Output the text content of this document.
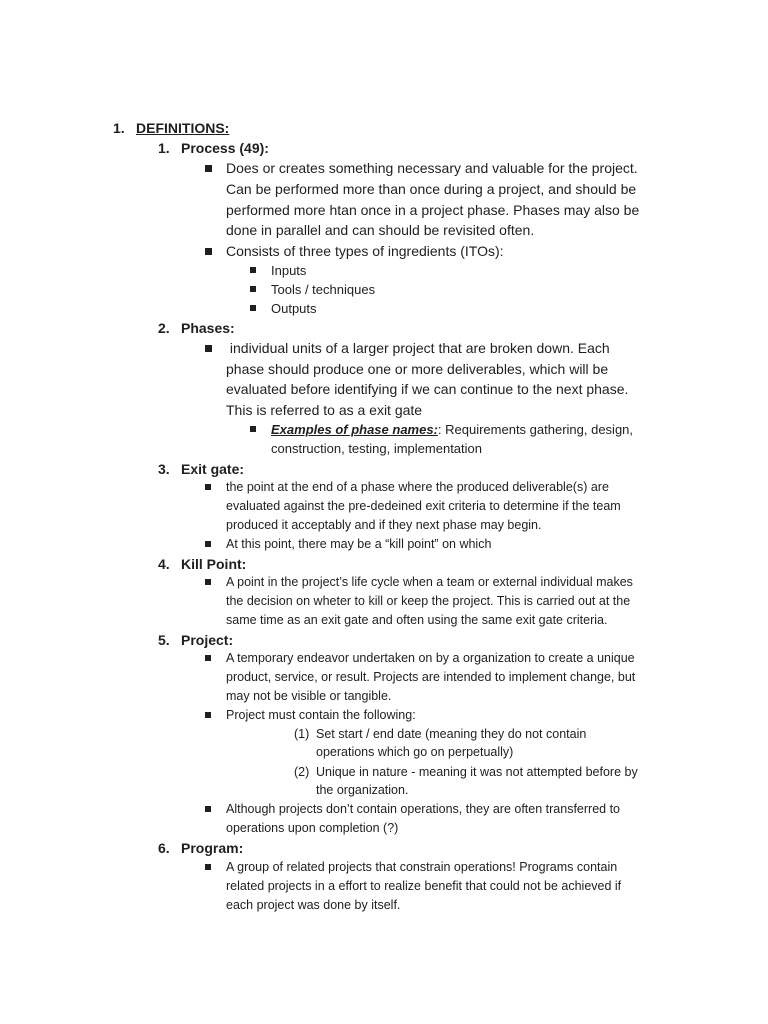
1. DEFINITIONS:
1. Process (49):
Does or creates something necessary and valuable for the project.
Can be performed more than once during a project, and should be
performed more htan once in a project phase. Phases may also be
done in parallel and can should be revisited often.
Consists of three types of ingredients (ITOs):
Inputs
Tools / techniques
Outputs
2. Phases:
individual units of a larger project that are broken down. Each
phase should produce one or more deliverables, which will be
evaluated before identifying if we can continue to the next phase.
This is referred to as a exit gate
Examples of phase names:: Requirements gathering, design,
construction, testing, implementation
3. Exit gate:
the point at the end of a phase where the produced deliverable(s) are
evaluated against the pre-dedeined exit criteria to determine if the team
produced it acceptably and if they next phase may begin.
At this point, there may be a “kill point” on which
4. Kill Point:
A point in the project’s life cycle when a team or external individual makes
the decision on wheter to kill or keep the project. This is carried out at the
same time as an exit gate and often using the same exit gate criteria.
5. Project:
A temporary endeavor undertaken on by a organization to create a unique
product, service, or result. Projects are intended to implement change, but
may not be visible or tangible.
Project must contain the following:
(1) Set start / end date (meaning they do not contain
operations which go on perpetually)
(2) Unique in nature - meaning it was not attempted before by
the organization.
Although projects don’t contain operations, they are often transferred to
operations upon completion (?)
6. Program:
A group of related projects that constrain operations! Programs contain
related projects in a effort to realize benefit that could not be achieved if
each project was done by itself.
